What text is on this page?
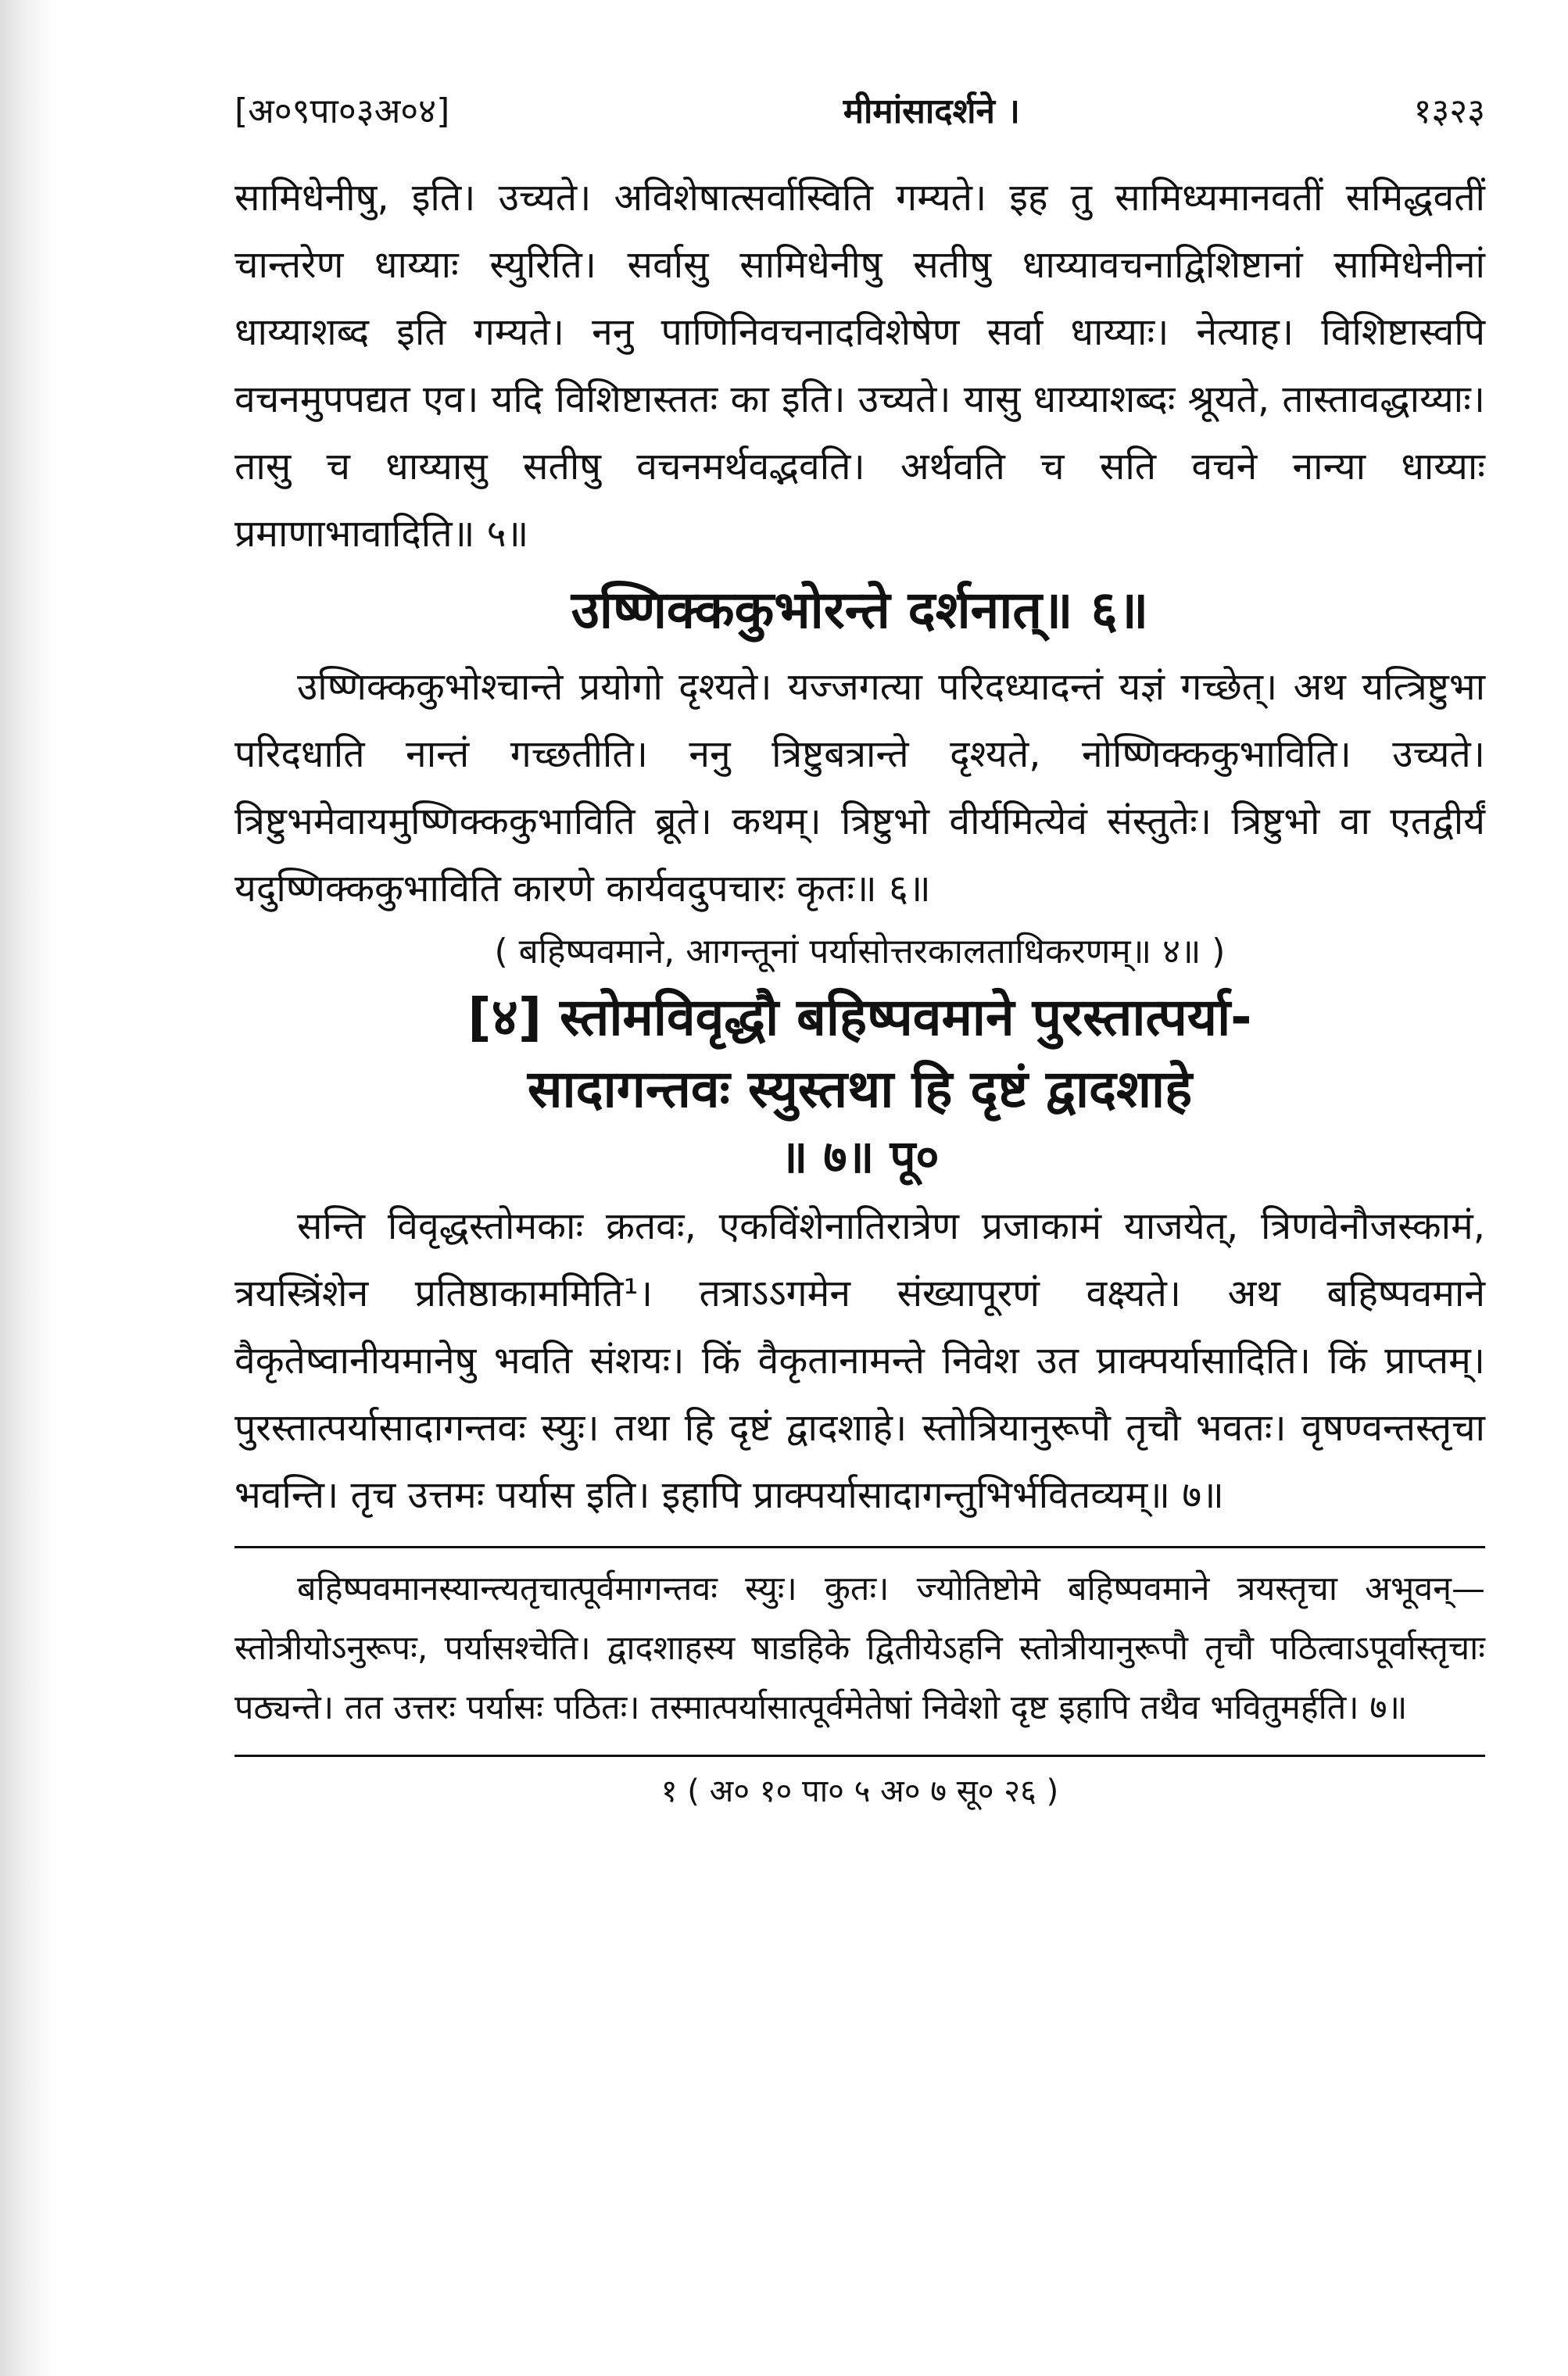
[अ०९पा०३अ०४]	मीमांसादर्शने ।	१३२३

सामिधेनीषु, इति। उच्यते। अविशेषात्सर्वास्विति गम्यते। इह तु सामिध्यमानवतीं समिद्धवतीं चान्तरेण धाय्याः स्युरिति। सर्वासु सामिधेनीषु सतीषु धाय्यावचनाद्विशिष्टानां सामिधेनीनां धाय्याशब्द इति गम्यते। ननु पाणिनिवचनादविशेषेण सर्वा धाय्याः। नेत्याह। विशिष्टास्वपि वचनमुपपद्यत एव। यदि विशिष्टास्ततः का इति। उच्यते। यासु धाय्याशब्दः श्रूयते, तास्तावद्धाय्याः। तासु च धाय्यासु सतीषु वचनमर्थवद्भवति। अर्थवति च सति वचने नान्या धाय्याः प्रमाणाभावादिति॥ ५॥

उष्णिक्ककुभोरन्ते दर्शनात्॥ ६॥

उष्णिक्ककुभोश्चान्ते प्रयोगो दृश्यते। यज्जगत्या परिदध्यादन्तं यज्ञं गच्छेत्। अथ यत्त्रिष्टुभा परिदधाति नान्तं गच्छतीति। ननु त्रिष्टुबत्रान्ते दृश्यते, नोष्णिक्ककुभाविति। उच्यते। त्रिष्टुभमेवायमुष्णिक्ककुभाविति ब्रूते। कथम्। त्रिष्टुभो वीर्यमित्येवं संस्तुतेः। त्रिष्टुभो वा एतद्वीर्यं यदुष्णिक्ककुभाविति कारणे कार्यवदुपचारः कृतः॥ ६॥

( बहिष्पवमाने, आगन्तूनां पर्यासोत्तरकालताधिकरणम्॥ ४॥ )
[४] स्तोमविवृद्धौ बहिष्पवमाने पुरस्तात्पर्या-
सादागन्तवः स्युस्तथा हि दृष्टं द्वादशाहे
॥ ७॥ पू०

सन्ति विवृद्धस्तोमकाः क्रतवः, एकविंशेनातिरात्रेण प्रजाकामं याजयेत्, त्रिणवेनौजस्कामं, त्रयस्त्रिंशेन प्रतिष्ठाकाममिति¹। तत्राऽऽगमेन संख्यापूरणं वक्ष्यते। अथ बहिष्पवमाने वैकृतेष्वानीयमानेषु भवति संशयः। किं वैकृतानामन्ते निवेश उत प्राक्पर्यासादिति। किं प्राप्तम्। पुरस्तात्पर्यासादागन्तवः स्युः। तथा हि दृष्टं द्वादशाहे। स्तोत्रियानुरूपौ तृचौ भवतः। वृषण्वन्तस्तृचा भवन्ति। तृच उत्तमः पर्यास इति। इहापि प्राक्पर्यासादागन्तुभिर्भवितव्यम्॥ ७॥

बहिष्पवमानस्यान्त्यतृचात्पूर्वमागन्तवः स्युः। कुतः। ज्योतिष्टोमे बहिष्पवमाने त्रयस्तृचा अभूवन्—स्तोत्रीयोऽनुरूपः, पर्यासश्चेति। द्वादशाहस्य षाडहिके द्वितीयेऽहनि स्तोत्रीयानुरूपौ तृचौ पठित्वाऽपूर्वास्तृचाः पठ्यन्ते। तत उत्तरः पर्यासः पठितः। तस्मात्पर्यासात्पूर्वमेतेषां निवेशो दृष्ट इहापि तथैव भवितुमर्हति। ७॥

१ ( अ० १० पा० ५ अ० ७ सू० २६ )
